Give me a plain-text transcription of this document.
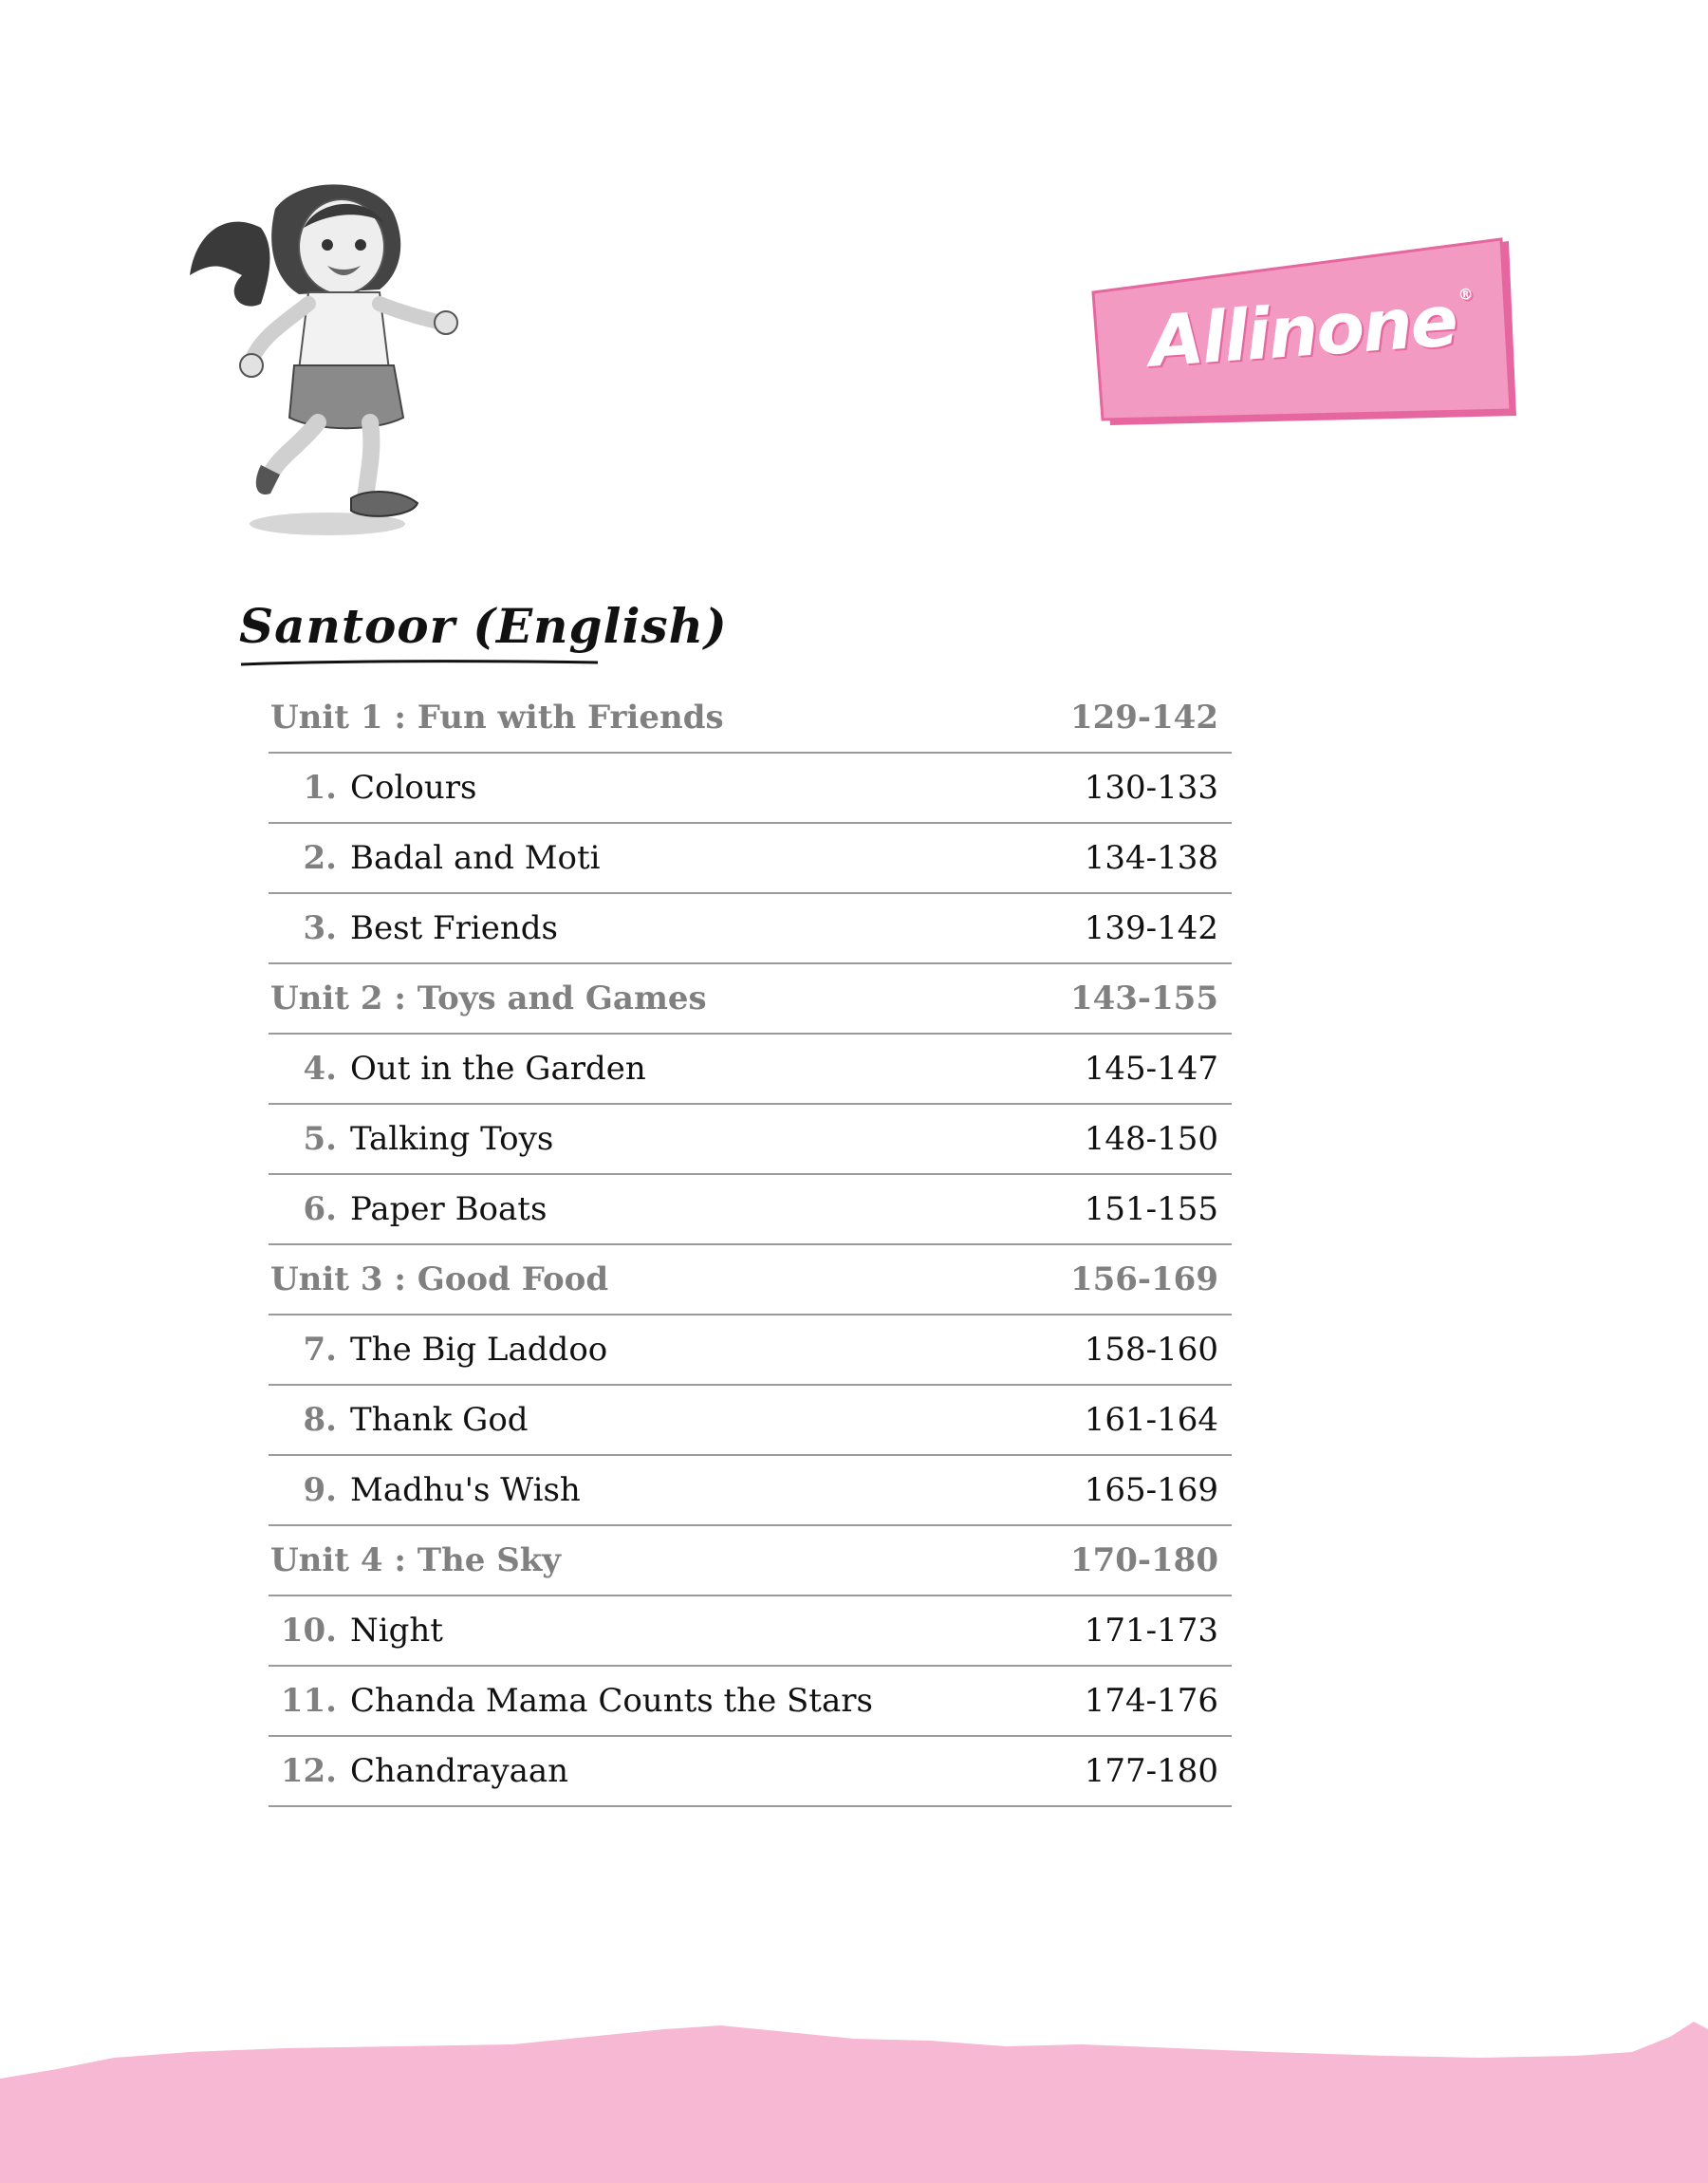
Allinone®
Santoor (English)
Unit 1 : Fun with Friends	129-142
1. Colours	130-133
2. Badal and Moti	134-138
3. Best Friends	139-142
Unit 2 : Toys and Games	143-155
4. Out in the Garden	145-147
5. Talking Toys	148-150
6. Paper Boats	151-155
Unit 3 : Good Food	156-169
7. The Big Laddoo	158-160
8. Thank God	161-164
9. Madhu's Wish	165-169
Unit 4 : The Sky	170-180
10. Night	171-173
11. Chanda Mama Counts the Stars	174-176
12. Chandrayaan	177-180
